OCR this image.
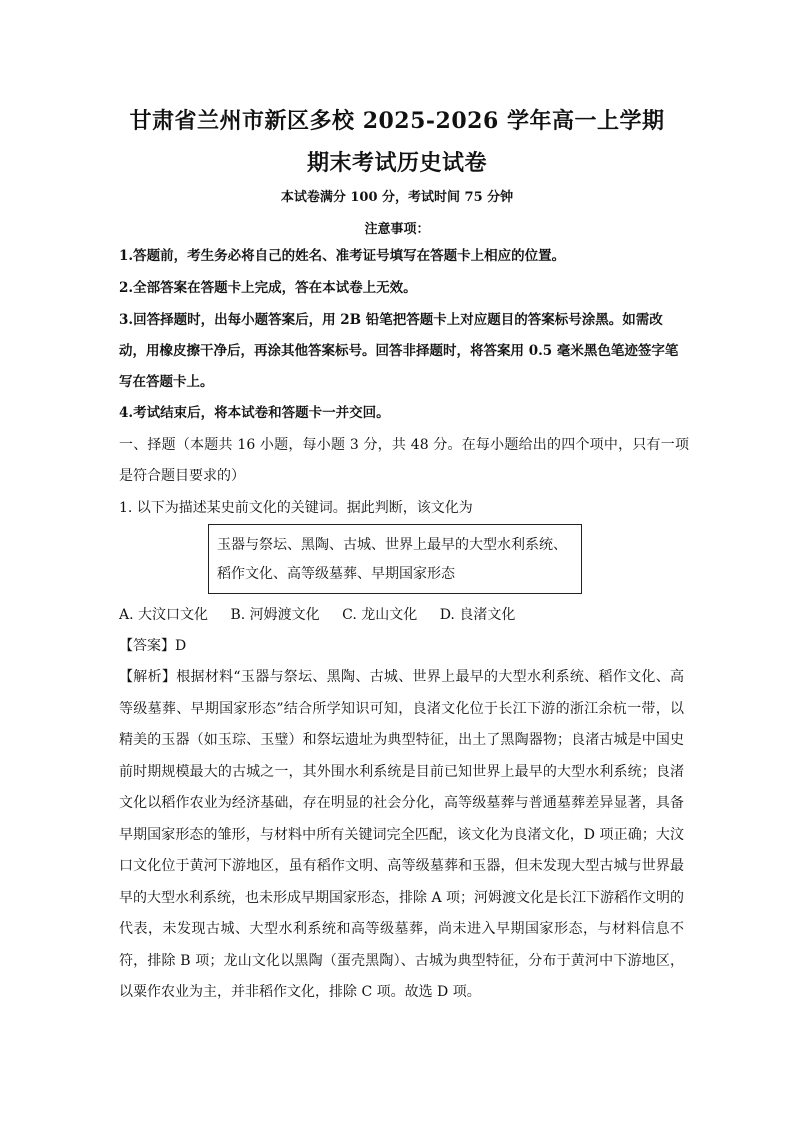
甘肃省兰州市新区多校 2025-2026 学年高一上学期
期末考试历史试卷
本试卷满分 100 分，考试时间 75 分钟
注意事项：
1.答题前，考生务必将自己的姓名、准考证号填写在答题卡上相应的位置。
2.全部答案在答题卡上完成，答在本试卷上无效。
3.回答择题时，出每小题答案后，用 2B 铅笔把答题卡上对应题目的答案标号涂黑。如需改动，用橡皮擦干净后，再涂其他答案标号。回答非择题时，将答案用 0.5 毫米黑色笔迹签字笔写在答题卡上。
4.考试结束后，将本试卷和答题卡一并交回。
一、择题（本题共 16 小题，每小题 3 分，共 48 分。在每小题给出的四个项中，只有一项是符合题目要求的）
1. 以下为描述某史前文化的关键词。据此判断，该文化为
玉器与祭坛、黑陶、古城、世界上最早的大型水利系统、稻作文化、高等级墓葬、早期国家形态
A. 大汶口文化 B. 河姆渡文化 C. 龙山文化 D. 良渚文化
【答案】D
【解析】根据材料“玉器与祭坛、黑陶、古城、世界上最早的大型水利系统、稻作文化、高等级墓葬、早期国家形态”结合所学知识可知，良渚文化位于长江下游的浙江余杭一带，以精美的玉器（如玉琮、玉璧）和祭坛遗址为典型特征，出土了黑陶器物；良渚古城是中国史前时期规模最大的古城之一，其外围水利系统是目前已知世界上最早的大型水利系统；良渚文化以稻作农业为经济基础，存在明显的社会分化，高等级墓葬与普通墓葬差异显著，具备早期国家形态的雏形，与材料中所有关键词完全匹配，该文化为良渚文化，D 项正确；大汶口文化位于黄河下游地区，虽有稻作文明、高等级墓葬和玉器，但未发现大型古城与世界最早的大型水利系统，也未形成早期国家形态，排除 A 项；河姆渡文化是长江下游稻作文明的代表，未发现古城、大型水利系统和高等级墓葬，尚未进入早期国家形态，与材料信息不符，排除 B 项；龙山文化以黑陶（蛋壳黑陶）、古城为典型特征，分布于黄河中下游地区，以粟作农业为主，并非稻作文化，排除 C 项。故选 D 项。
